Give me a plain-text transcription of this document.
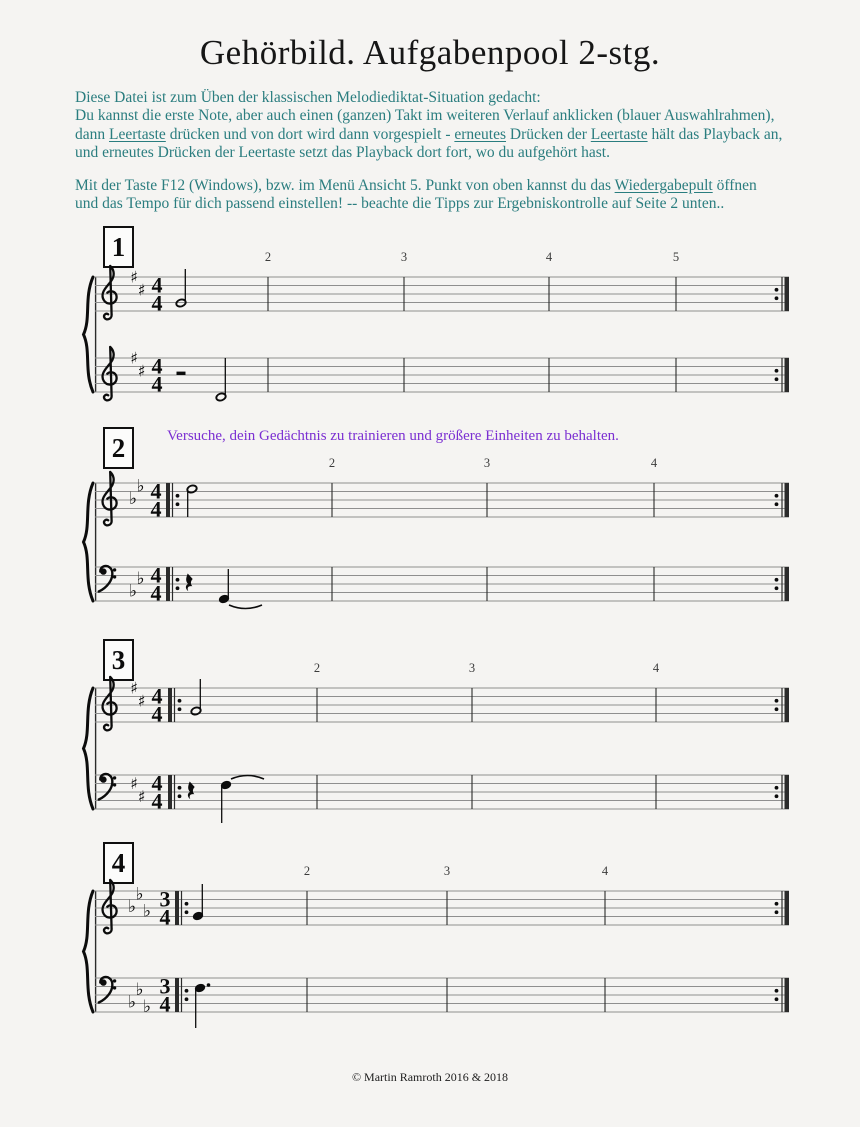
Gehörbild. Aufgabenpool 2-stg.
Diese Datei ist zum Üben der klassischen Melodiediktat-Situation gedacht:
Du kannst die erste Note, aber auch einen (ganzen) Takt im weiteren Verlauf anklicken (blauer Auswahlrahmen),
dann Leertaste drücken und von dort wird dann vorgespielt - erneutes Drücken der Leertaste hält das Playback an,
und erneutes Drücken der Leertaste setzt das Playback dort fort, wo du aufgehört hast.
Mit der Taste F12 (Windows), bzw. im Menü Ansicht 5. Punkt von oben kannst du das Wiedergabepult öffnen
und das Tempo für dich passend einstellen! -- beachte die Tipps zur Ergebniskontrolle auf Seite 2 unten..
1
2
3
4
Versuche, dein Gedächtnis zu trainieren und größere Einheiten zu behalten.
2	3	4	5
♯
♯ 4
4
♯
♯ 4
4
2	3	4
♭
♭ 4
4
♭
♭ 4
4
2	3	4
♯
♯ 4
4
♯
♯
4
4
2	3	4
♭
♭
♭ 3
4
♭
♭
♭
3
4
© Martin Ramroth 2016 & 2018
